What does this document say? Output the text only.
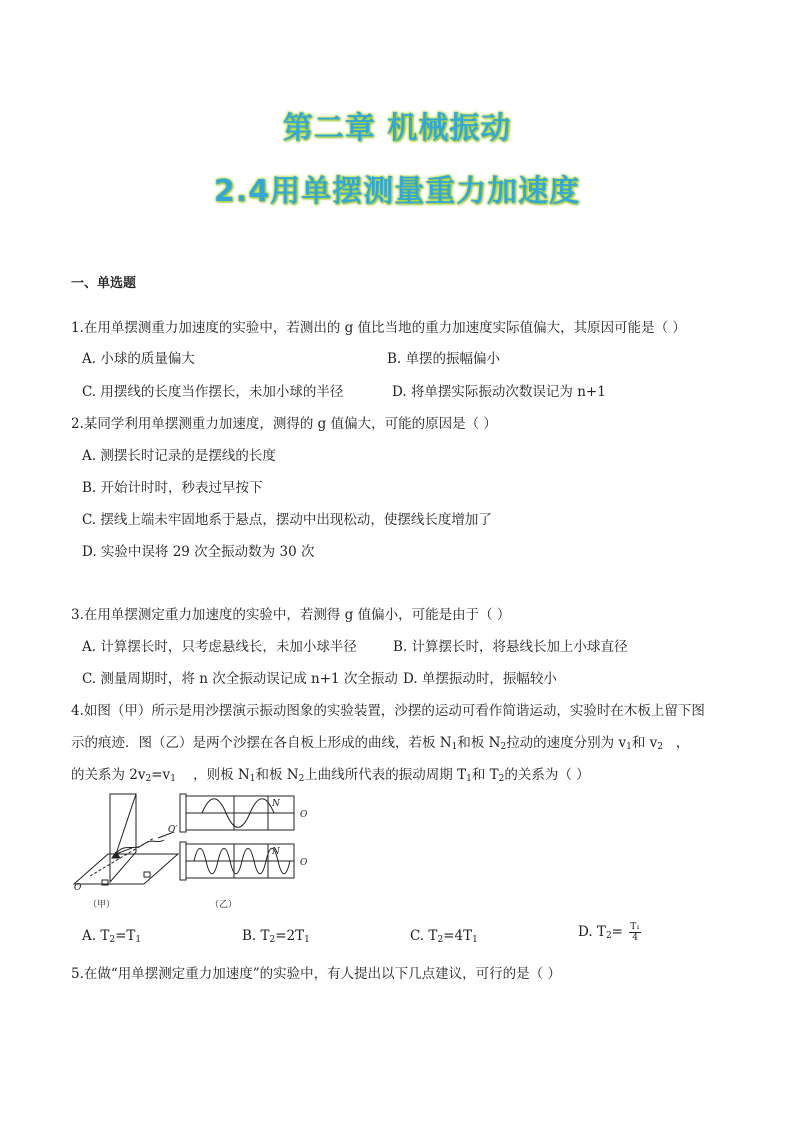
第二章 机械振动
2.4用单摆测量重力加速度
一、单选题
1.在用单摆测重力加速度的实验中，若测出的 g 值比当地的重力加速度实际值偏大，其原因可能是（ ）
A. 小球的质量偏大	B. 单摆的振幅偏小
C. 用摆线的长度当作摆长，未加小球的半径	D. 将单摆实际振动次数误记为 n+1
2.某同学利用单摆测重力加速度，测得的 g 值偏大，可能的原因是（ ）
A. 测摆长时记录的是摆线的长度
B. 开始计时时，秒表过早按下
C. 摆线上端未牢固地系于悬点，摆动中出现松动，使摆线长度增加了
D. 实验中误将 29 次全振动数为 30 次
3.在用单摆测定重力加速度的实验中，若测得 g 值偏小，可能是由于（ ）
A. 计算摆长时，只考虑悬线长，未加小球半径	B. 计算摆长时，将悬线长加上小球直径
C. 测量周期时，将 n 次全振动误记成 n+1 次全振动 D. 单摆振动时，振幅较小
4.如图（甲）所示是用沙摆演示振动图象的实验装置，沙摆的运动可看作简谐运动，实验时在木板上留下图
示的痕迹．图（乙）是两个沙摆在各自板上形成的曲线，若板 $N_1$和板 $N_2$拉动的速度分别为 $v_1$和 $v_2$ ，
的关系为 $2v_2=v_1$ ，则板 $N_1$和板 $N_2$上曲线所代表的振动周期 $T_1$和 $T_2$的关系为（ ）
O
O′
N
N
O
O
（甲）	（乙）
A. $T_2=T_1$	B. $T_2=2T_1$	C. $T_2=4T_1$	D. $T_2= \frac{\text{T₁}}{4}$
5.在做“用单摆测定重力加速度”的实验中，有人提出以下几点建议，可行的是（ ）
